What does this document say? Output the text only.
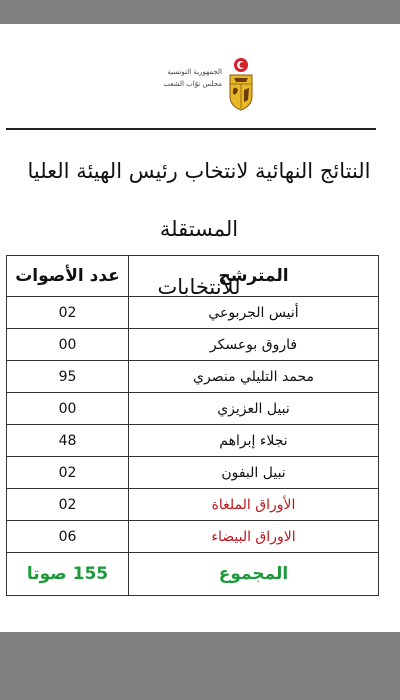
الجمهورية التونسية
مجلس نوّاب الشعب
النتائج النهائية لانتخاب رئيس الهيئة العليا المستقلة
للانتخابات
المترشح	عدد الأصوات
أنيس الجربوعي	02
فاروق بوعسكر	00
محمد التليلي منصري	95
نبيل العزيزي	00
نجلاء إبراهم	48
نبيل البفون	02
الأوراق الملغاة	02
الاوراق البيضاء	06
المجموع	155 صوتا
